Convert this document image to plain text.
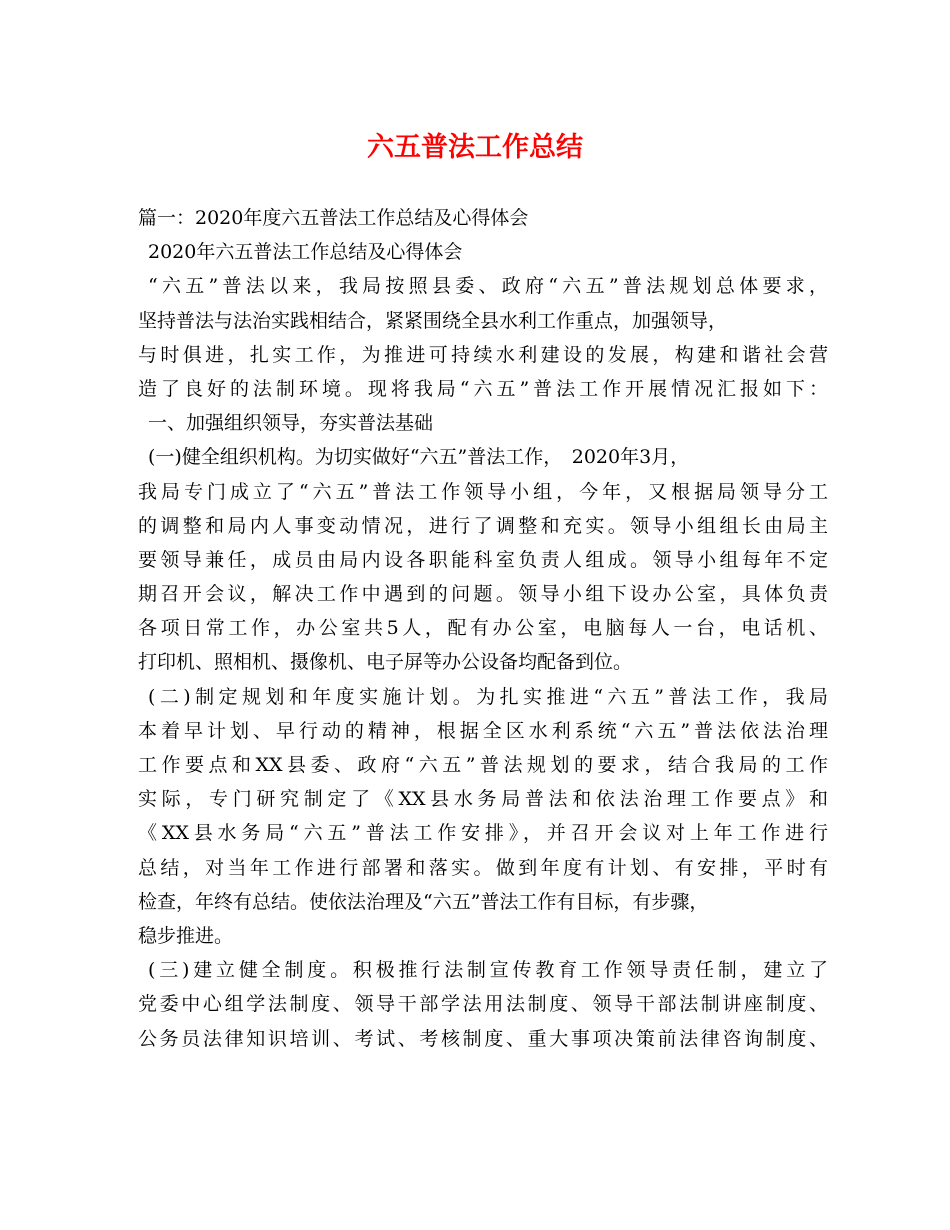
六五普法工作总结
篇一：2020年度六五普法工作总结及心得体会
2020年六五普法工作总结及心得体会
“六五”普法以来，我局按照县委、政府“六五”普法规划总体要求，
坚持普法与法治实践相结合，紧紧围绕全县水利工作重点，加强领导，
与时俱进，扎实工作，为推进可持续水利建设的发展，构建和谐社会营
造了良好的法制环境。现将我局“六五”普法工作开展情况汇报如下：
一、加强组织领导，夯实普法基础
(一)健全组织机构。为切实做好“六五”普法工作，　2020年3月，
我局专门成立了“六五”普法工作领导小组，今年，又根据局领导分工
的调整和局内人事变动情况，进行了调整和充实。领导小组组长由局主
要领导兼任，成员由局内设各职能科室负责人组成。领导小组每年不定
期召开会议，解决工作中遇到的问题。领导小组下设办公室，具体负责
各项日常工作，办公室共5人，配有办公室，电脑每人一台，电话机、
打印机、照相机、摄像机、电子屏等办公设备均配备到位。
(二)制定规划和年度实施计划。为扎实推进“六五”普法工作，我局
本着早计划、早行动的精神，根据全区水利系统“六五”普法依法治理
工作要点和XX县委、政府“六五”普法规划的要求，结合我局的工作
实际，专门研究制定了《XX县水务局普法和依法治理工作要点》和
《XX县水务局“六五”普法工作安排》，并召开会议对上年工作进行
总结，对当年工作进行部署和落实。做到年度有计划、有安排，平时有
检查，年终有总结。使依法治理及“六五”普法工作有目标，有步骤，
稳步推进。
(三)建立健全制度。积极推行法制宣传教育工作领导责任制，建立了
党委中心组学法制度、领导干部学法用法制度、领导干部法制讲座制度、
公务员法律知识培训、考试、考核制度、重大事项决策前法律咨询制度、
